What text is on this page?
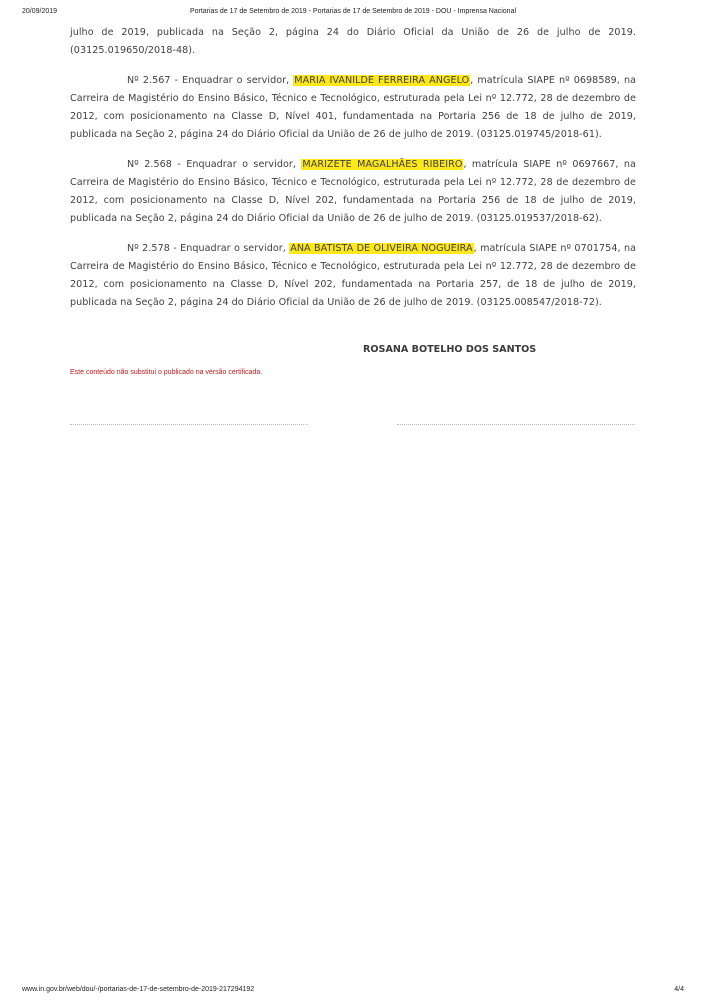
20/09/2019	Portarias de 17 de Setembro de 2019 - Portarias de 17 de Setembro de 2019 - DOU - Imprensa Nacional

julho de 2019, publicada na Seção 2, página 24 do Diário Oficial da União de 26 de julho de 2019. (03125.019650/2018-48).

Nº 2.567 - Enquadrar o servidor, MARIA IVANILDE FERREIRA ANGELO, matrícula SIAPE nº 0698589, na Carreira de Magistério do Ensino Básico, Técnico e Tecnológico, estruturada pela Lei nº 12.772, 28 de dezembro de 2012, com posicionamento na Classe D, Nível 401, fundamentada na Portaria 256 de 18 de julho de 2019, publicada na Seção 2, página 24 do Diário Oficial da União de 26 de julho de 2019. (03125.019745/2018-61).

Nº 2.568 - Enquadrar o servidor, MARIZETE MAGALHÃES RIBEIRO, matrícula SIAPE nº 0697667, na Carreira de Magistério do Ensino Básico, Técnico e Tecnológico, estruturada pela Lei nº 12.772, 28 de dezembro de 2012, com posicionamento na Classe D, Nível 202, fundamentada na Portaria 256 de 18 de julho de 2019, publicada na Seção 2, página 24 do Diário Oficial da União de 26 de julho de 2019. (03125.019537/2018-62).

Nº 2.578 - Enquadrar o servidor, ANA BATISTA DE OLIVEIRA NOGUEIRA, matrícula SIAPE nº 0701754, na Carreira de Magistério do Ensino Básico, Técnico e Tecnológico, estruturada pela Lei nº 12.772, 28 de dezembro de 2012, com posicionamento na Classe D, Nível 202, fundamentada na Portaria 257, de 18 de julho de 2019, publicada na Seção 2, página 24 do Diário Oficial da União de 26 de julho de 2019. (03125.008547/2018-72).

ROSANA BOTELHO DOS SANTOS
Este conteúdo não substitui o publicado na versão certificada.
www.in.gov.br/web/dou/-/portarias-de-17-de-setembro-de-2019-217294192	4/4
